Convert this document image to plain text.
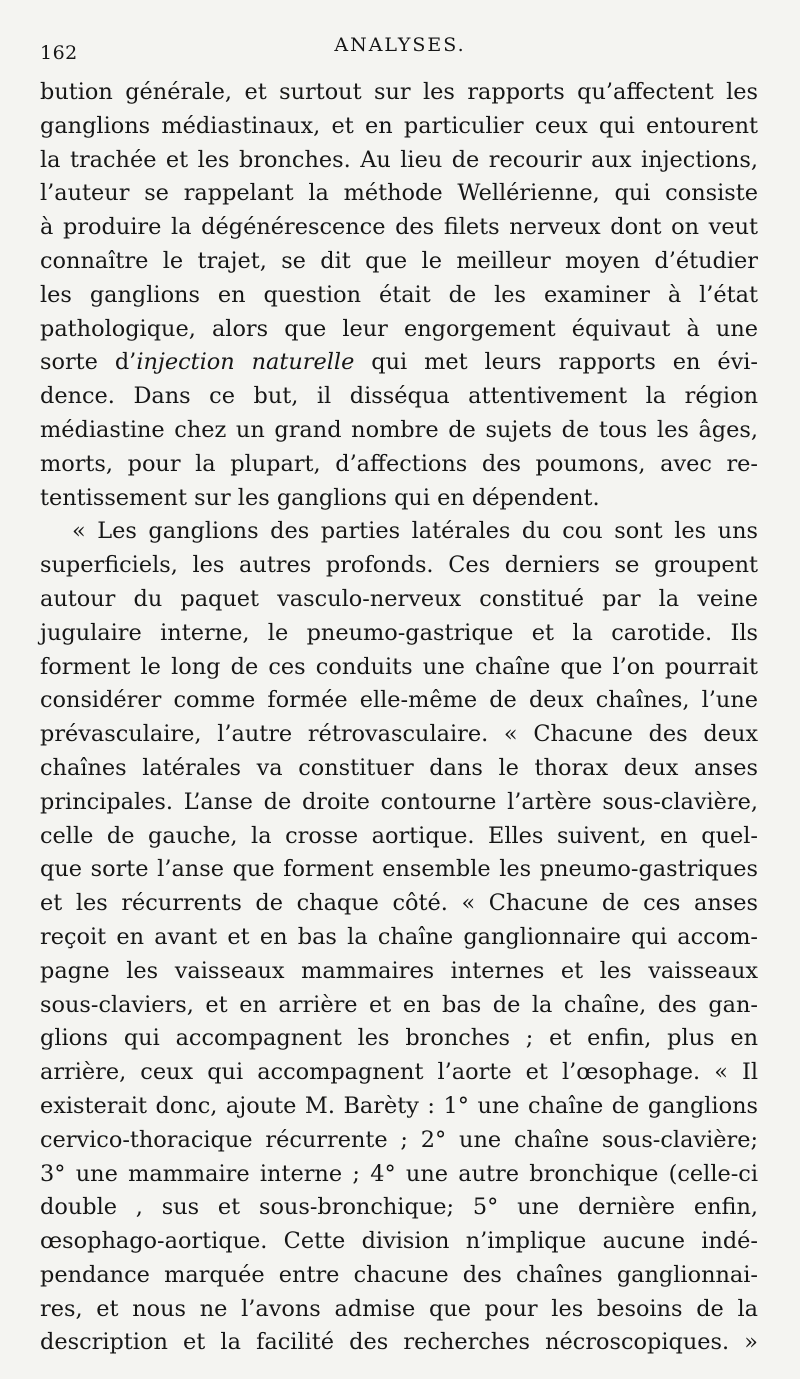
162	ANALYSES.
bution générale, et surtout sur les rapports qu’affectent les
ganglions médiastinaux, et en particulier ceux qui entourent
la trachée et les bronches. Au lieu de recourir aux injections,
l’auteur se rappelant la méthode Wellérienne, qui consiste
à produire la dégénérescence des filets nerveux dont on veut
connaître le trajet, se dit que le meilleur moyen d’étudier
les ganglions en question était de les examiner à l’état
pathologique, alors que leur engorgement équivaut à une
sorte d’injection naturelle qui met leurs rapports en évi-
dence. Dans ce but, il disséqua attentivement la région
médiastine chez un grand nombre de sujets de tous les âges,
morts, pour la plupart, d’affections des poumons, avec re-
tentissement sur les ganglions qui en dépendent.
« Les ganglions des parties latérales du cou sont les uns
superficiels, les autres profonds. Ces derniers se groupent
autour du paquet vasculo-nerveux constitué par la veine
jugulaire interne, le pneumo-gastrique et la carotide. Ils
forment le long de ces conduits une chaîne que l’on pourrait
considérer comme formée elle-même de deux chaînes, l’une
prévasculaire, l’autre rétrovasculaire. « Chacune des deux
chaînes latérales va constituer dans le thorax deux anses
principales. L’anse de droite contourne l’artère sous-clavière,
celle de gauche, la crosse aortique. Elles suivent, en quel-
que sorte l’anse que forment ensemble les pneumo-gastriques
et les récurrents de chaque côté. « Chacune de ces anses
reçoit en avant et en bas la chaîne ganglionnaire qui accom-
pagne les vaisseaux mammaires internes et les vaisseaux
sous-claviers, et en arrière et en bas de la chaîne, des gan-
glions qui accompagnent les bronches ; et enfin, plus en
arrière, ceux qui accompagnent l’aorte et l’œsophage. « Il
existerait donc, ajoute M. Barèty : 1° une chaîne de ganglions
cervico-thoracique récurrente ; 2° une chaîne sous-clavière;
3° une mammaire interne ; 4° une autre bronchique (celle-ci
double , sus et sous-bronchique; 5° une dernière enfin,
œsophago-aortique. Cette division n’implique aucune indé-
pendance marquée entre chacune des chaînes ganglionnai-
res, et nous ne l’avons admise que pour les besoins de la
description et la facilité des recherches nécroscopiques. »
